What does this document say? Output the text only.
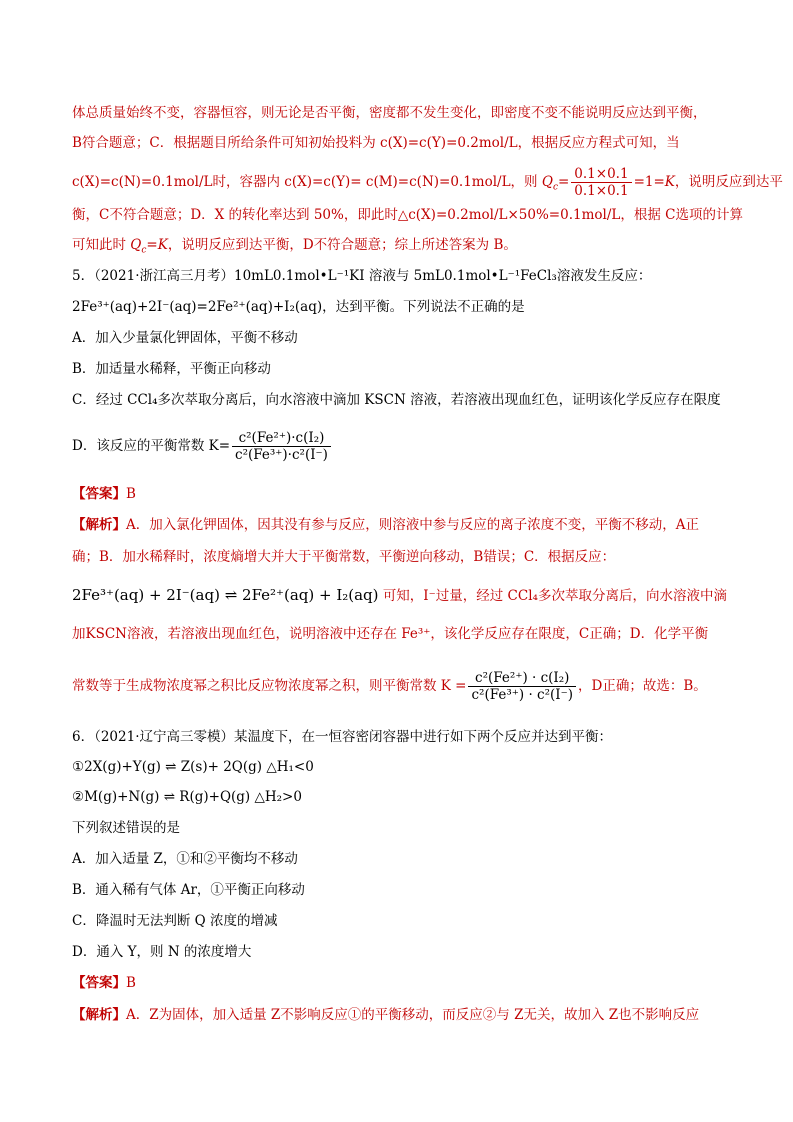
体总质量始终不变，容器恒容，则无论是否平衡，密度都不发生变化，即密度不变不能说明反应达到平衡，
B符合题意；C．根据题目所给条件可知初始投料为 c(X)=c(Y)=0.2mol/L，根据反应方程式可知，当
c(X)=c(N)=0.1mol/L时，容器内 c(X)=c(Y)= c(M)=c(N)=0.1mol/L，则 $Q_c= \frac{0.1\times 0.1}{0.1\times 0.1} =1=K$，说明反应到达平
衡，C不符合题意；D．X 的转化率达到 50%，即此时△c(X)=0.2mol/L×50%=0.1mol/L，根据 C选项的计算
可知此时 $Q_c=K$，说明反应到达平衡，D不符合题意；综上所述答案为 B。
5．（2021·浙江高三月考）10mL0.1mol•L⁻¹KI 溶液与 5mL0.1mol•L⁻¹FeCl₃溶液发生反应：
2Fe³⁺(aq)+2I⁻(aq)=2Fe²⁺(aq)+I₂(aq)，达到平衡。下列说法不正确的是
A．加入少量氯化钾固体，平衡不移动
B．加适量水稀释，平衡正向移动
C．经过 CCl₄多次萃取分离后，向水溶液中滴加 KSCN 溶液，若溶液出现血红色，证明该化学反应存在限度
D．该反应的平衡常数 $K= \frac{\text{c²(Fe²⁺)·c(I₂)}}{\text{c²(Fe³⁺)·c²(I⁻)}}$
【答案】B
【解析】A．加入氯化钾固体，因其没有参与反应，则溶液中参与反应的离子浓度不变，平衡不移动，A正
确；B．加水稀释时，浓度熵增大并大于平衡常数，平衡逆向移动，B错误；C．根据反应：
2Fe³⁺(aq) + 2I⁻(aq) ⇌ 2Fe²⁺(aq) + I₂(aq) 可知，I⁻过量，经过 CCl₄多次萃取分离后，向水溶液中滴
加KSCN溶液，若溶液出现血红色，说明溶液中还存在 Fe³⁺，该化学反应存在限度，C正确；D．化学平衡
常数等于生成物浓度幂之积比反应物浓度幂之积，则平衡常数 $K = \frac{\text{c²(Fe²⁺) · c(I₂)}}{\text{c²(Fe³⁺) · c²(I⁻)}}$ ，D正确；故选：B。
6．（2021·辽宁高三零模）某温度下，在一恒容密闭容器中进行如下两个反应并达到平衡：
①2X(g)+Y(g) ⇌ Z(s)+ 2Q(g) △H₁<0
②M(g)+N(g) ⇌ R(g)+Q(g) △H₂>0
下列叙述错误的是
A．加入适量 Z，①和②平衡均不移动
B．通入稀有气体 Ar，①平衡正向移动
C．降温时无法判断 Q 浓度的增减
D．通入 Y，则 N 的浓度增大
【答案】B
【解析】A．Z为固体，加入适量 Z不影响反应①的平衡移动，而反应②与 Z无关，故加入 Z也不影响反应
